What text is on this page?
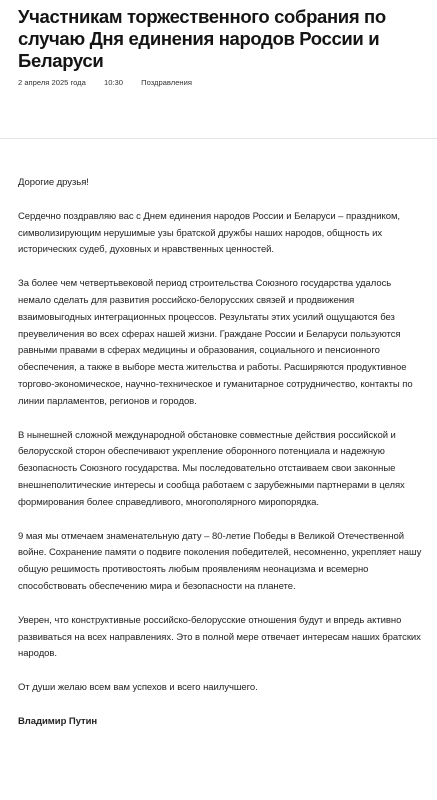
Участникам торжественного собрания по случаю Дня единения народов России и Беларуси
2 апреля 2025 года 10:30 Поздравления

Дорогие друзья!

Сердечно поздравляю вас с Днем единения народов России и Беларуси – праздником, символизирующим нерушимые узы братской дружбы наших народов, общность их исторических судеб, духовных и нравственных ценностей.

За более чем четвертьвековой период строительства Союзного государства удалось немало сделать для развития российско-белорусских связей и продвижения взаимовыгодных интеграционных процессов. Результаты этих усилий ощущаются без преувеличения во всех сферах нашей жизни. Граждане России и Беларуси пользуются равными правами в сферах медицины и образования, социального и пенсионного обеспечения, а также в выборе места жительства и работы. Расширяются продуктивное торгово-экономическое, научно-техническое и гуманитарное сотрудничество, контакты по линии парламентов, регионов и городов.

В нынешней сложной международной обстановке совместные действия российской и белорусской сторон обеспечивают укрепление оборонного потенциала и надежную безопасность Союзного государства. Мы последовательно отстаиваем свои законные внешнеполитические интересы и сообща работаем с зарубежными партнерами в целях формирования более справедливого, многополярного миропорядка.

9 мая мы отмечаем знаменательную дату – 80-летие Победы в Великой Отечественной войне. Сохранение памяти о подвиге поколения победителей, несомненно, укрепляет нашу общую решимость противостоять любым проявлениям неонацизма и всемерно способствовать обеспечению мира и безопасности на планете.

Уверен, что конструктивные российско-белорусские отношения будут и впредь активно развиваться на всех направлениях. Это в полной мере отвечает интересам наших братских народов.

От души желаю всем вам успехов и всего наилучшего.

Владимир Путин
